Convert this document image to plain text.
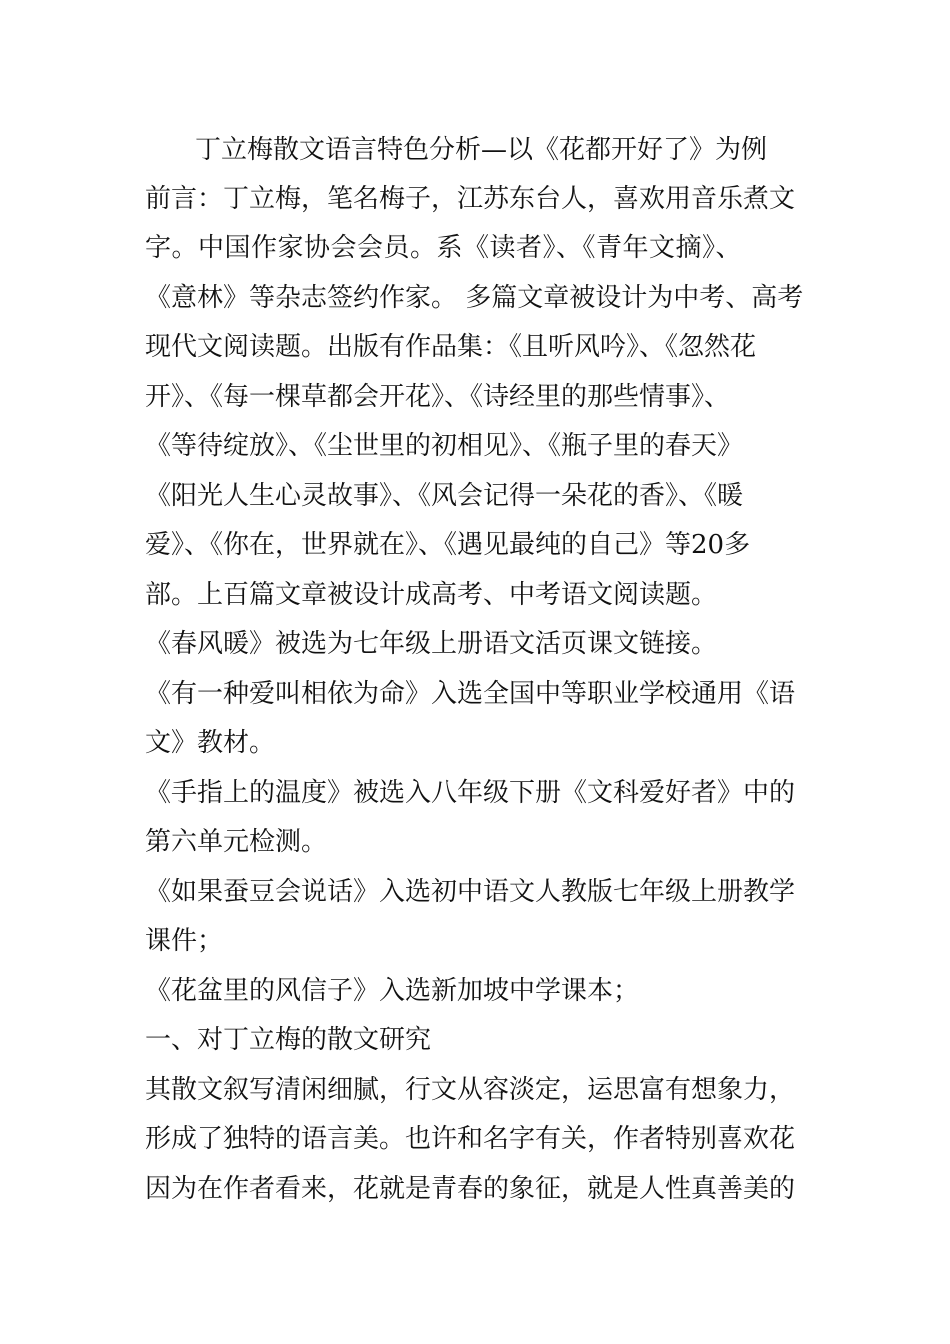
丁立梅散文语言特色分析—以《花都开好了》为例
前言：丁立梅，笔名梅子，江苏东台人，喜欢用音乐煮文
字。中国作家协会会员。系《读者》、《青年文摘》、
《意林》等杂志签约作家。 多篇文章被设计为中考、高考
现代文阅读题。出版有作品集：《且听风吟》、《忽然花
开》、《每一棵草都会开花》、《诗经里的那些情事》、
《等待绽放》、《尘世里的初相见》、《瓶子里的春天》
《阳光人生心灵故事》、《风会记得一朵花的香》、《暖
爱》、《你在，世界就在》、《遇见最纯的自己》等20多
部。上百篇文章被设计成高考、中考语文阅读题。
《春风暖》被选为七年级上册语文活页课文链接。
《有一种爱叫相依为命》入选全国中等职业学校通用《语
文》教材。
《手指上的温度》被选入八年级下册《文科爱好者》中的
第六单元检测。
《如果蚕豆会说话》入选初中语文人教版七年级上册教学
课件；
《花盆里的风信子》入选新加坡中学课本；
一、对丁立梅的散文研究
其散文叙写清闲细腻，行文从容淡定，运思富有想象力，
形成了独特的语言美。也许和名字有关，作者特别喜欢花
因为在作者看来，花就是青春的象征，就是人性真善美的
